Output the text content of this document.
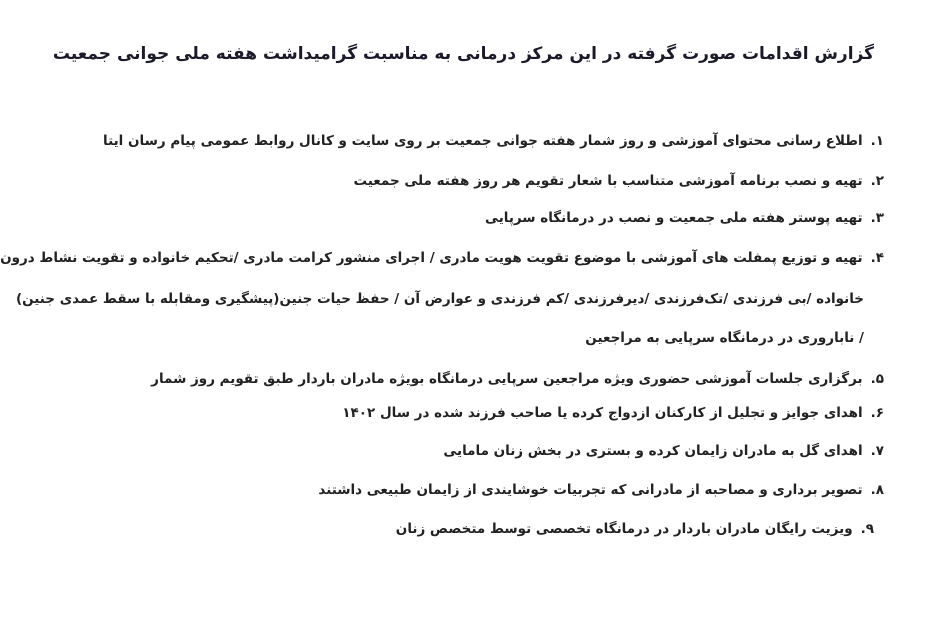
گزارش اقدامات صورت گرفته در این مرکز درمانی به مناسبت گرامیداشت هفته ملی جوانی جمعیت
۱.اطلاع رسانی محتوای آموزشی و روز شمار هفته جوانی جمعیت بر روی سایت و کانال روابط عمومی پیام رسان ایتا
۲.تهیه و نصب برنامه آموزشی متناسب با شعار تقویم هر روز هفته ملی جمعیت
۳.تهیه پوستر هفته ملی جمعیت و نصب در درمانگاه سرپایی
۴.تهیه و توزیع پمفلت های آموزشی با موضوع تقویت هویت مادری / اجرای منشور کرامت مادری /تحکیم خانواده و تقویت نشاط درون
خانواده /بی فرزندی /تک‌فرزندی /دیرفرزندی /کم فرزندی و عوارض آن / حفظ حیات جنین(پیشگیری ومقابله با سقط عمدی جنین)
/ ناباروری در درمانگاه سرپایی به مراجعین
۵.برگزاری جلسات آموزشی حضوری ویژه مراجعین سرپایی درمانگاه بویژه مادران باردار طبق تقویم روز شمار
۶.اهدای جوایز و تجلیل از کارکنان ازدواج کرده یا صاحب فرزند شده در سال ۱۴۰۲
۷.اهدای گل به مادران زایمان کرده و بستری در بخش زنان مامایی
۸.تصویر برداری و مصاحبه از مادرانی که تجربیات خوشایندی از زایمان طبیعی داشتند
۹.ویزیت رایگان مادران باردار در درمانگاه تخصصی توسط متخصص زنان
